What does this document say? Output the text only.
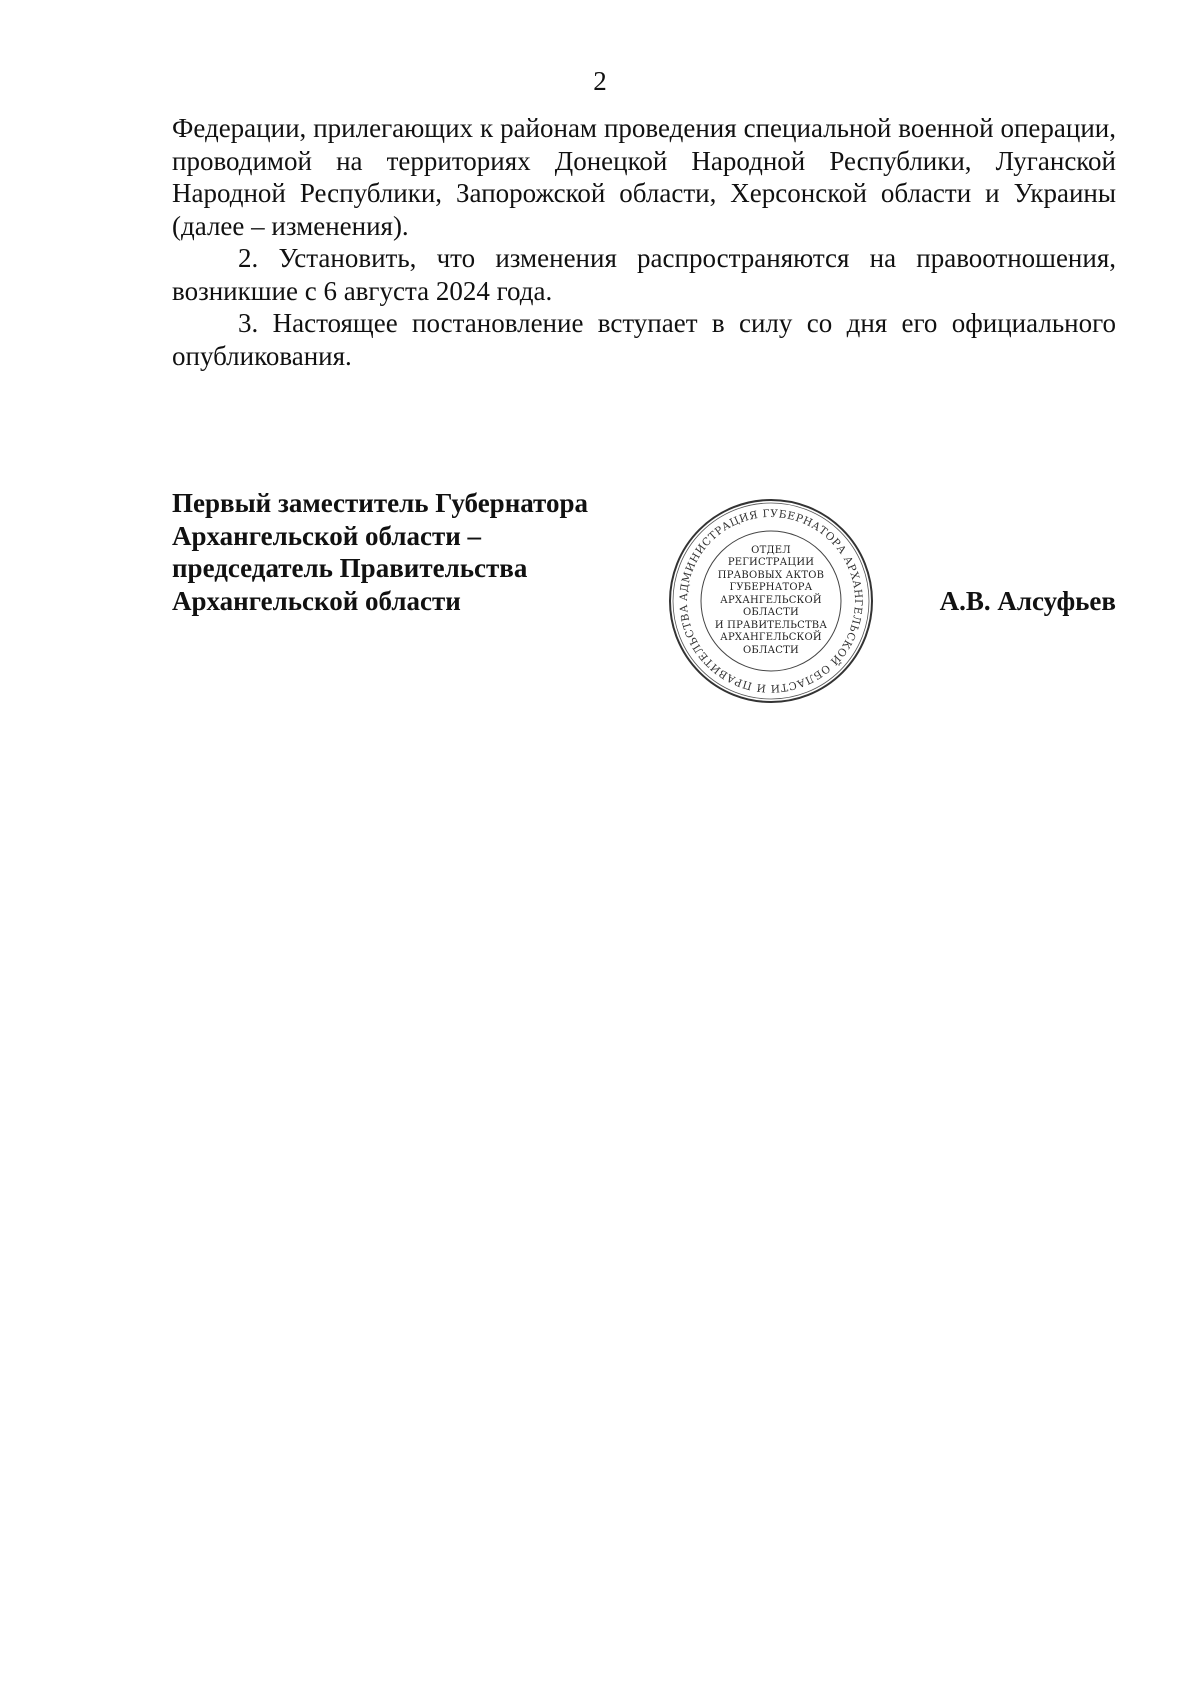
2

Федерации, прилегающих к районам проведения специальной военной операции, проводимой на территориях Донецкой Народной Республики, Луганской Народной Республики, Запорожской области, Херсонской области и Украины (далее – изменения).

2. Установить, что изменения распространяются на правоотношения, возникшие с 6 августа 2024 года.

3. Настоящее постановление вступает в силу со дня его официального опубликования.

Первый заместитель Губернатора
Архангельской области –
председатель Правительства
Архангельской области	АДМИНИСТРАЦИЯ ГУБЕРНАТОРА АРХАНГЕЛЬСКОЙ ОБЛАСТИ И ПРАВИТЕЛЬСТВА
ОТДЕЛ
РЕГИСТРАЦИИ
ПРАВОВЫХ АКТОВ
ГУБЕРНАТОРА
АРХАНГЕЛЬСКОЙ
ОБЛАСТИ
И ПРАВИТЕЛЬСТВА
АРХАНГЕЛЬСКОЙ
ОБЛАСТИ
А.В. Алсуфьев
